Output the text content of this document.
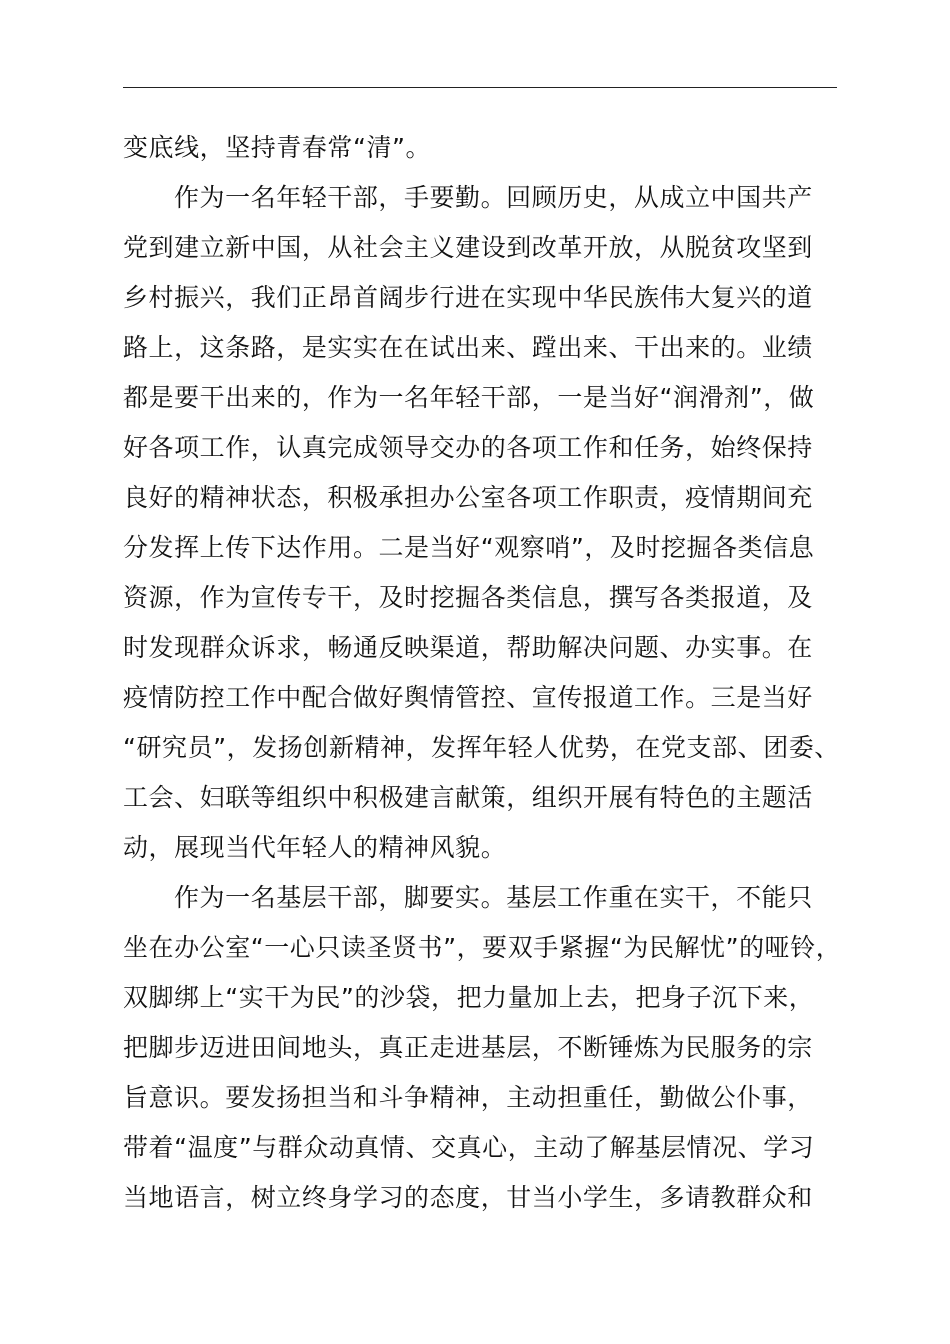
变底线，坚持青春常“清”。
作为一名年轻干部，手要勤。回顾历史，从成立中国共产
党到建立新中国，从社会主义建设到改革开放，从脱贫攻坚到
乡村振兴，我们正昂首阔步行进在实现中华民族伟大复兴的道
路上，这条路，是实实在在试出来、蹚出来、干出来的。业绩
都是要干出来的，作为一名年轻干部，一是当好“润滑剂”，做
好各项工作，认真完成领导交办的各项工作和任务，始终保持
良好的精神状态，积极承担办公室各项工作职责，疫情期间充
分发挥上传下达作用。二是当好“观察哨”，及时挖掘各类信息
资源，作为宣传专干，及时挖掘各类信息，撰写各类报道，及
时发现群众诉求，畅通反映渠道，帮助解决问题、办实事。在
疫情防控工作中配合做好舆情管控、宣传报道工作。三是当好
“研究员”，发扬创新精神，发挥年轻人优势，在党支部、团委、
工会、妇联等组织中积极建言献策，组织开展有特色的主题活
动，展现当代年轻人的精神风貌。
作为一名基层干部，脚要实。基层工作重在实干，不能只
坐在办公室“一心只读圣贤书”，要双手紧握“为民解忧”的哑铃，
双脚绑上“实干为民”的沙袋，把力量加上去，把身子沉下来，
把脚步迈进田间地头，真正走进基层，不断锤炼为民服务的宗
旨意识。要发扬担当和斗争精神，主动担重任，勤做公仆事，
带着“温度”与群众动真情、交真心，主动了解基层情况、学习
当地语言，树立终身学习的态度，甘当小学生，多请教群众和
